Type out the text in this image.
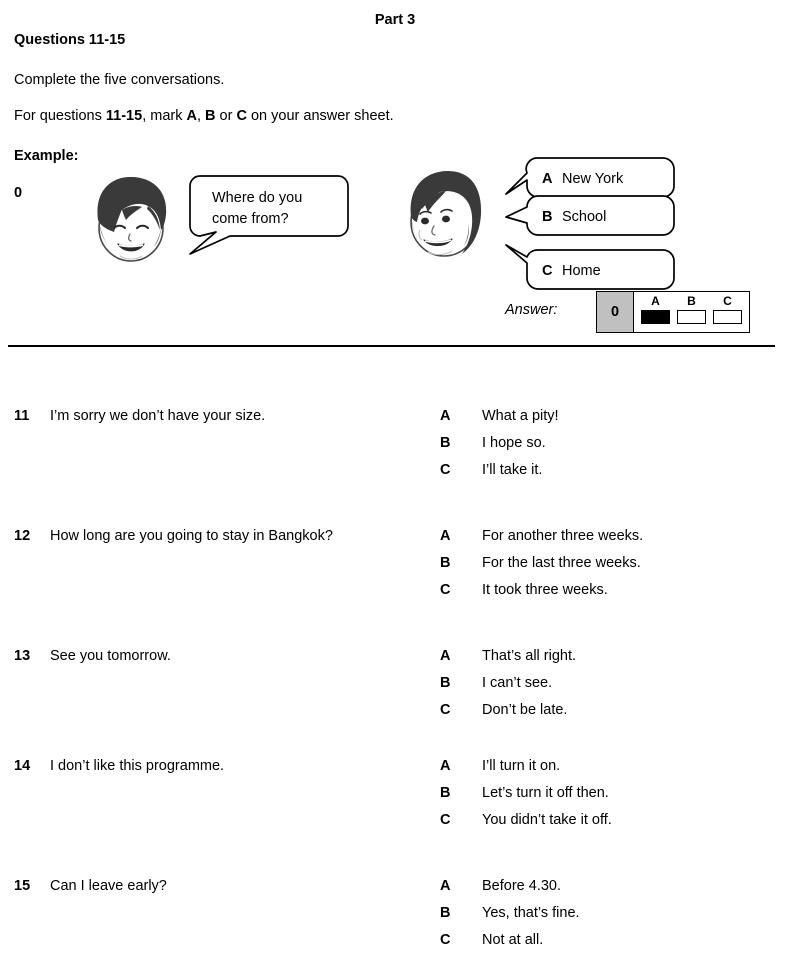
Part 3
Questions 11-15
Complete the five conversations.
For questions 11-15, mark A, B or C on your answer sheet.
Example:
0	Where do you
come from?
A New York
B School
C Home
Answer:	0
A B C
11 I’m sorry we don’t have your size.	A What a pity!
B I hope so.
C I’ll take it.
12 How long are you going to stay in Bangkok?	A For another three weeks.
B For the last three weeks.
C It took three weeks.
13 See you tomorrow.	A That’s all right.
B I can’t see.
C Don’t be late.
14 I don’t like this programme.	A I’ll turn it on.
B Let’s turn it off then.
C You didn’t take it off.
15 Can I leave early?	A Before 4.30.
B Yes, that’s fine.
C Not at all.
